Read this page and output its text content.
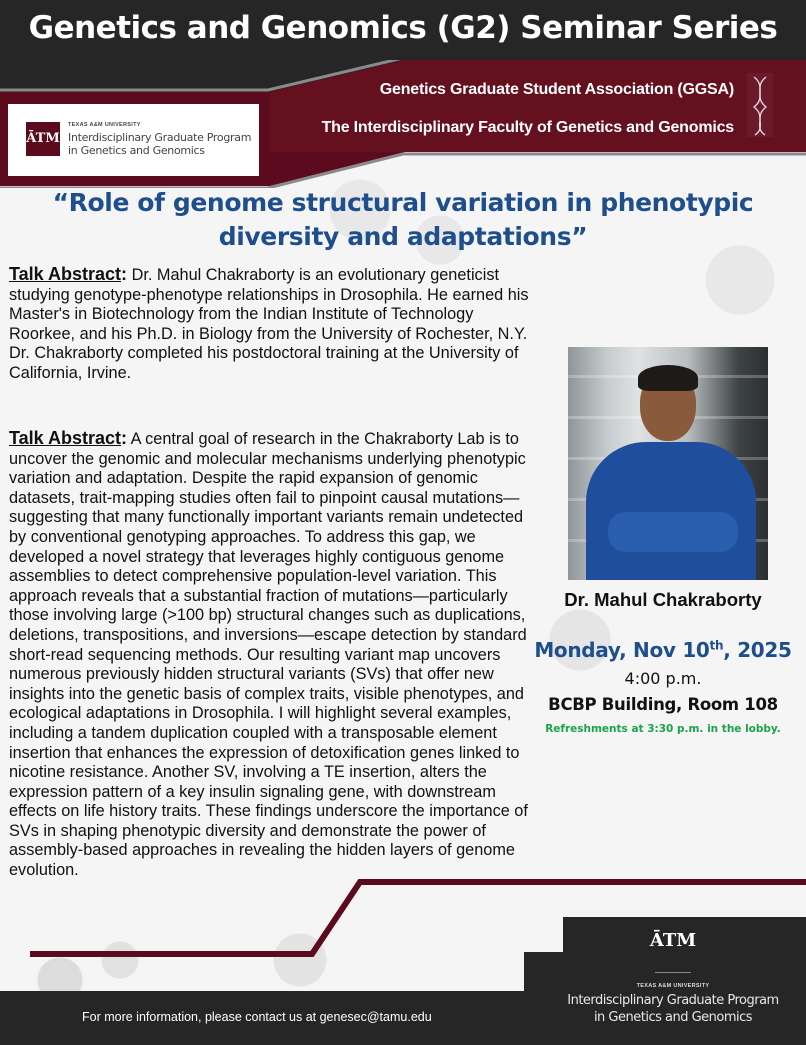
Genetics and Genomics (G2) Seminar Series
Genetics Graduate Student Association (GGSA)
The Interdisciplinary Faculty of Genetics and Genomics
ĀTM
TEXAS A&M UNIVERSITY
Interdisciplinary Graduate Program
in Genetics and Genomics
“Role of genome structural variation in phenotypic diversity and adaptations”
Talk Abstract: Dr. Mahul Chakraborty is an evolutionary geneticist studying genotype-phenotype relationships in Drosophila. He earned his Master's in Biotechnology from the Indian Institute of Technology Roorkee, and his Ph.D. in Biology from the University of Rochester, N.Y. Dr. Chakraborty completed his postdoctoral training at the University of California, Irvine.
Talk Abstract: A central goal of research in the Chakraborty Lab is to uncover the genomic and molecular mechanisms underlying phenotypic variation and adaptation. Despite the rapid expansion of genomic datasets, trait-mapping studies often fail to pinpoint causal mutations—suggesting that many functionally important variants remain undetected by conventional genotyping approaches. To address this gap, we developed a novel strategy that leverages highly contiguous genome assemblies to detect comprehensive population-level variation. This approach reveals that a substantial fraction of mutations—particularly those involving large (>100 bp) structural changes such as duplications, deletions, transpositions, and inversions—escape detection by standard short-read sequencing methods. Our resulting variant map uncovers numerous previously hidden structural variants (SVs) that offer new insights into the genetic basis of complex traits, visible phenotypes, and ecological adaptations in Drosophila. I will highlight several examples, including a tandem duplication coupled with a transposable element insertion that enhances the expression of detoxification genes linked to nicotine resistance. Another SV, involving a TE insertion, alters the expression pattern of a key insulin signaling gene, with downstream effects on life history traits. These findings underscore the importance of SVs in shaping phenotypic diversity and demonstrate the power of assembly-based approaches in revealing the hidden layers of genome evolution.
Dr. Mahul Chakraborty
Monday, Nov 10th, 2025
4:00 p.m.
BCBP Building, Room 108
Refreshments at 3:30 p.m. in the lobby.
For more information, please contact us at genesec@tamu.edu
ĀTM
TEXAS A&M UNIVERSITY
Interdisciplinary Graduate Program
in Genetics and Genomics
